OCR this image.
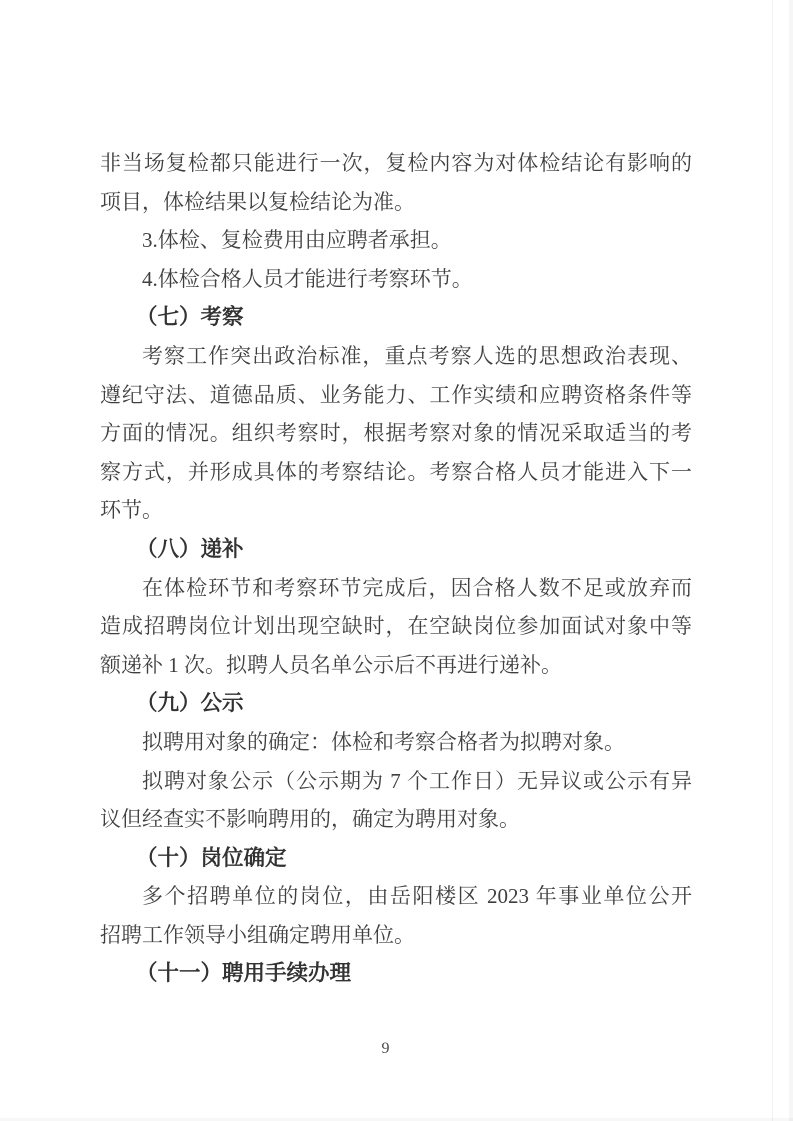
非当场复检都只能进行一次，复检内容为对体检结论有影响的
项目，体检结果以复检结论为准。
3.体检、复检费用由应聘者承担。
4.体检合格人员才能进行考察环节。
（七）考察
考察工作突出政治标准，重点考察人选的思想政治表现、
遵纪守法、道德品质、业务能力、工作实绩和应聘资格条件等
方面的情况。组织考察时，根据考察对象的情况采取适当的考
察方式，并形成具体的考察结论。考察合格人员才能进入下一
环节。
（八）递补
在体检环节和考察环节完成后，因合格人数不足或放弃而
造成招聘岗位计划出现空缺时，在空缺岗位参加面试对象中等
额递补 1 次。拟聘人员名单公示后不再进行递补。
（九）公示
拟聘用对象的确定：体检和考察合格者为拟聘对象。
拟聘对象公示（公示期为 7 个工作日）无异议或公示有异
议但经查实不影响聘用的，确定为聘用对象。
（十）岗位确定
多个招聘单位的岗位，由岳阳楼区 2023 年事业单位公开
招聘工作领导小组确定聘用单位。
（十一）聘用手续办理
9
